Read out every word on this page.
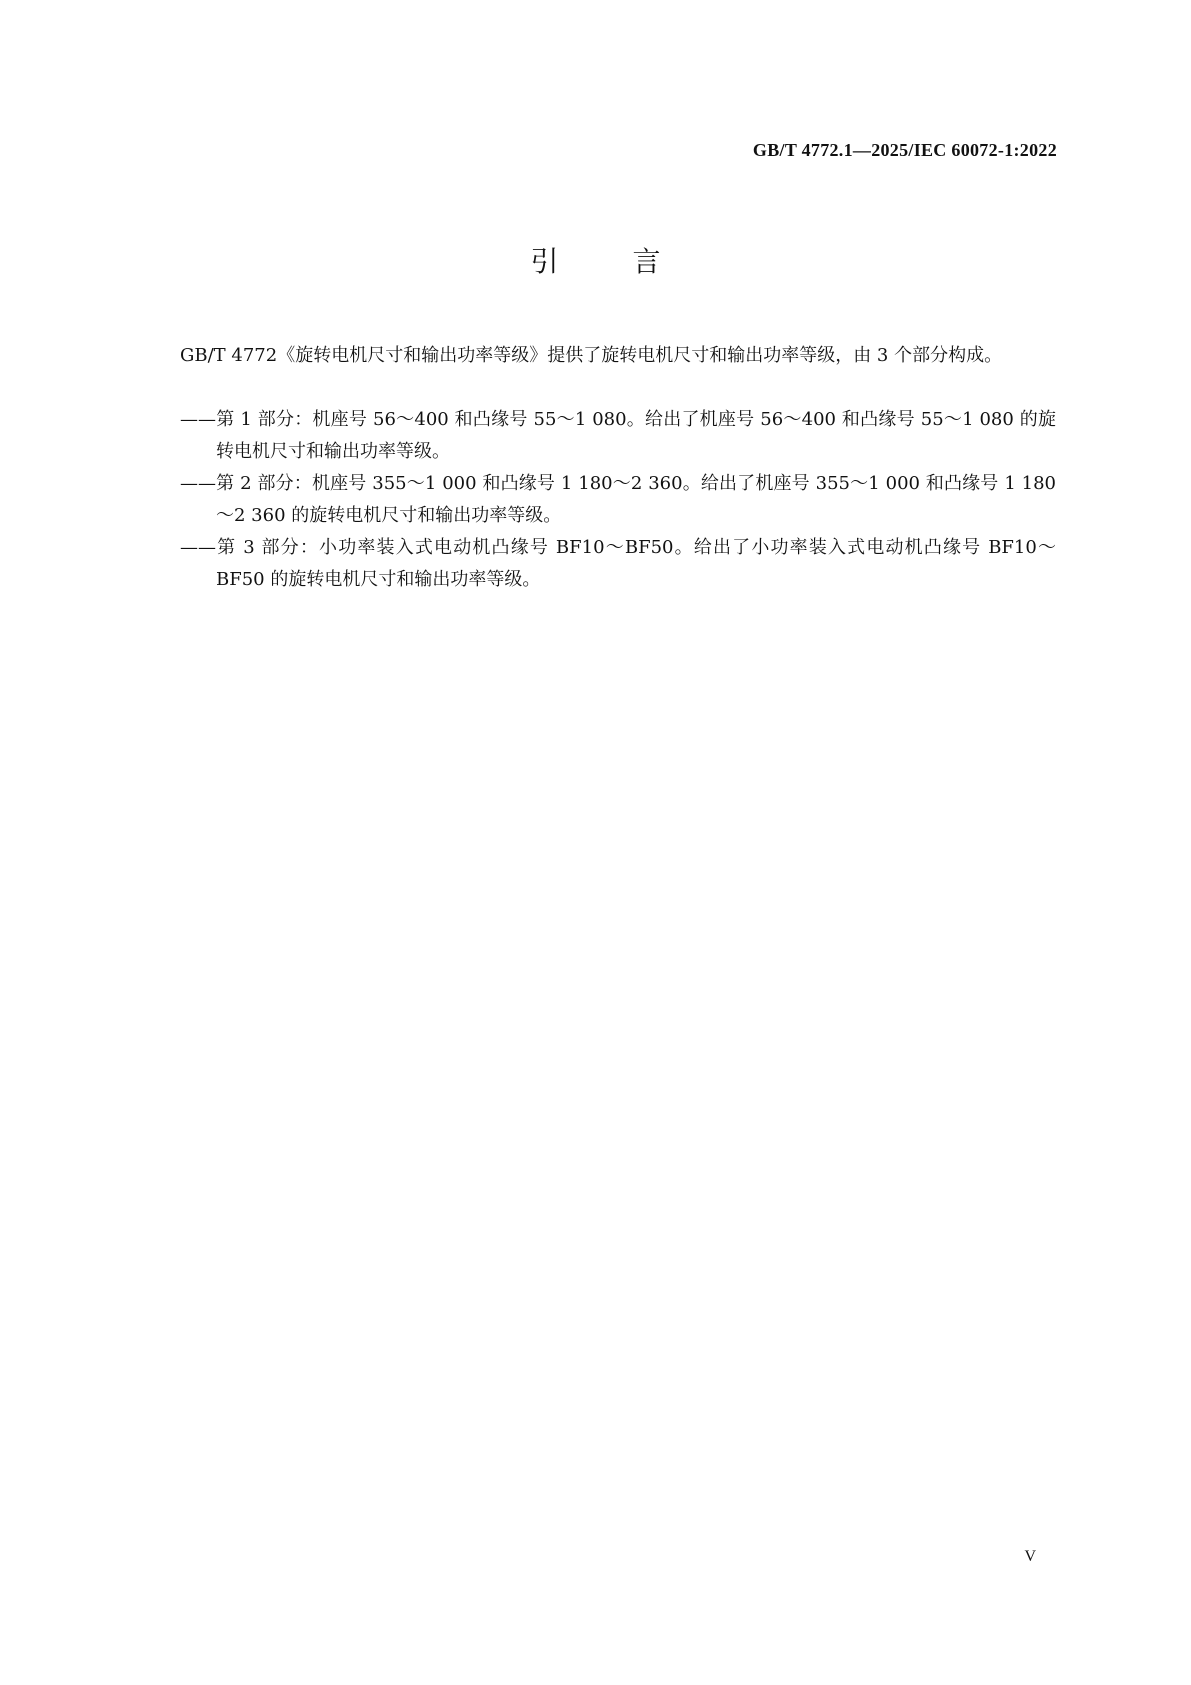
GB/T 4772.1—2025/IEC 60072-1:2022
引言

GB/T 4772《旋转电机尺寸和输出功率等级》提供了旋转电机尺寸和输出功率等级，由 3 个部分构成。

——第 1 部分：机座号 56～400 和凸缘号 55～1 080。给出了机座号 56～400 和凸缘号 55～1 080 的旋转电机尺寸和输出功率等级。
——第 2 部分：机座号 355～1 000 和凸缘号 1 180～2 360。给出了机座号 355～1 000 和凸缘号 1 180～2 360 的旋转电机尺寸和输出功率等级。
——第 3 部分：小功率装入式电动机凸缘号 BF10～BF50。给出了小功率装入式电动机凸缘号 BF10～BF50 的旋转电机尺寸和输出功率等级。
V
